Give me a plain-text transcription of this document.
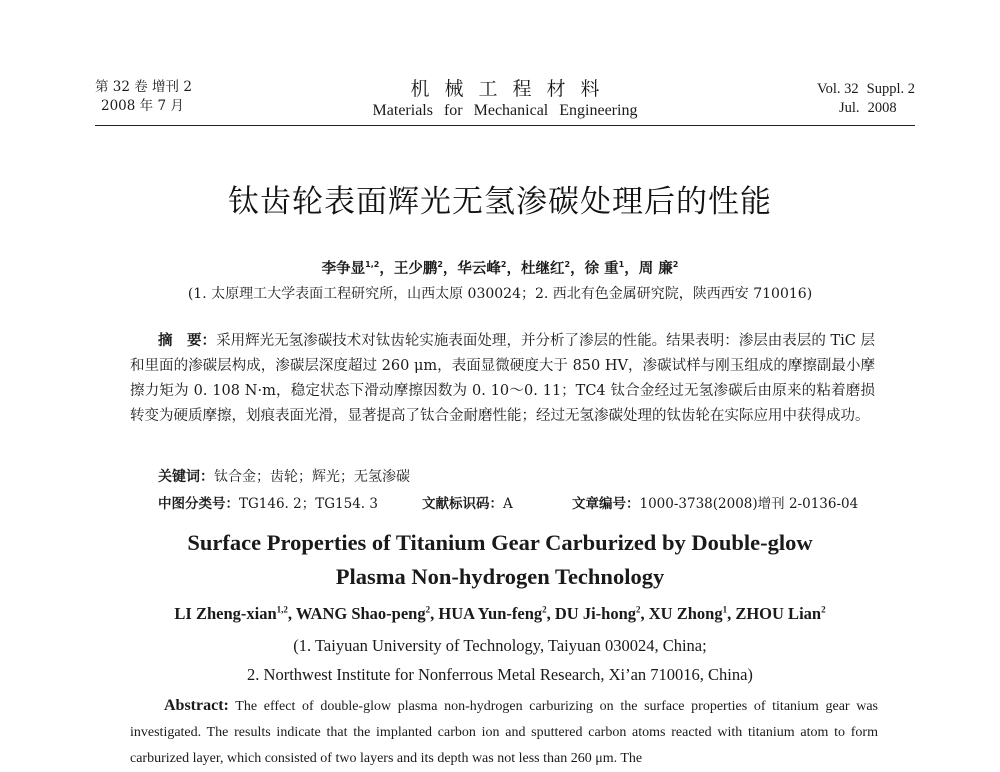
第 32 卷 增刊 2
2008 年 7 月
机械工程材料
Materials for Mechanical Engineering
Vol. 32 Suppl. 2
Jul. 2008
钛齿轮表面辉光无氢渗碳处理后的性能
李争显$^{1,2}$，王少鹏$^2$，华云峰$^2$，杜继红$^2$，徐 重$^1$，周 廉$^2$
(1. 太原理工大学表面工程研究所，山西太原 030024；2. 西北有色金属研究院，陕西西安 710016)
摘　要：采用辉光无氢渗碳技术对钛齿轮实施表面处理，并分析了渗层的性能。结果表明：渗层由表层的 TiC 层和里面的渗碳层构成，渗碳层深度超过 260 μm，表面显微硬度大于 850 HV，渗碳试样与刚玉组成的摩擦副最小摩擦力矩为 0. 108 N·m，稳定状态下滑动摩擦因数为 0. 10～0. 11；TC4 钛合金经过无氢渗碳后由原来的粘着磨损转变为硬质摩擦，划痕表面光滑，显著提高了钛合金耐磨性能；经过无氢渗碳处理的钛齿轮在实际应用中获得成功。
关键词：钛合金；齿轮；辉光；无氢渗碳
中图分类号：TG146. 2；TG154. 3	文献标识码：A	文章编号：1000-3738(2008)增刊 2-0136-04
Surface Properties of Titanium Gear Carburized by Double-glow
Plasma Non-hydrogen Technology
LI Zheng-xian$^{1,2}$, WANG Shao-peng$^2$, HUA Yun-feng$^2$, DU Ji-hong$^2$, XU Zhong$^1$, ZHOU Lian$^2$
(1. Taiyuan University of Technology, Taiyuan 030024, China;
2. Northwest Institute for Nonferrous Metal Research, Xi’an 710016, China)
Abstract: The effect of double-glow plasma non-hydrogen carburizing on the surface properties of titanium gear was investigated. The results indicate that the implanted carbon ion and sputtered carbon atoms reacted with titanium atom to form carburized layer, which consisted of two layers and its depth was not less than 260 μm. The
